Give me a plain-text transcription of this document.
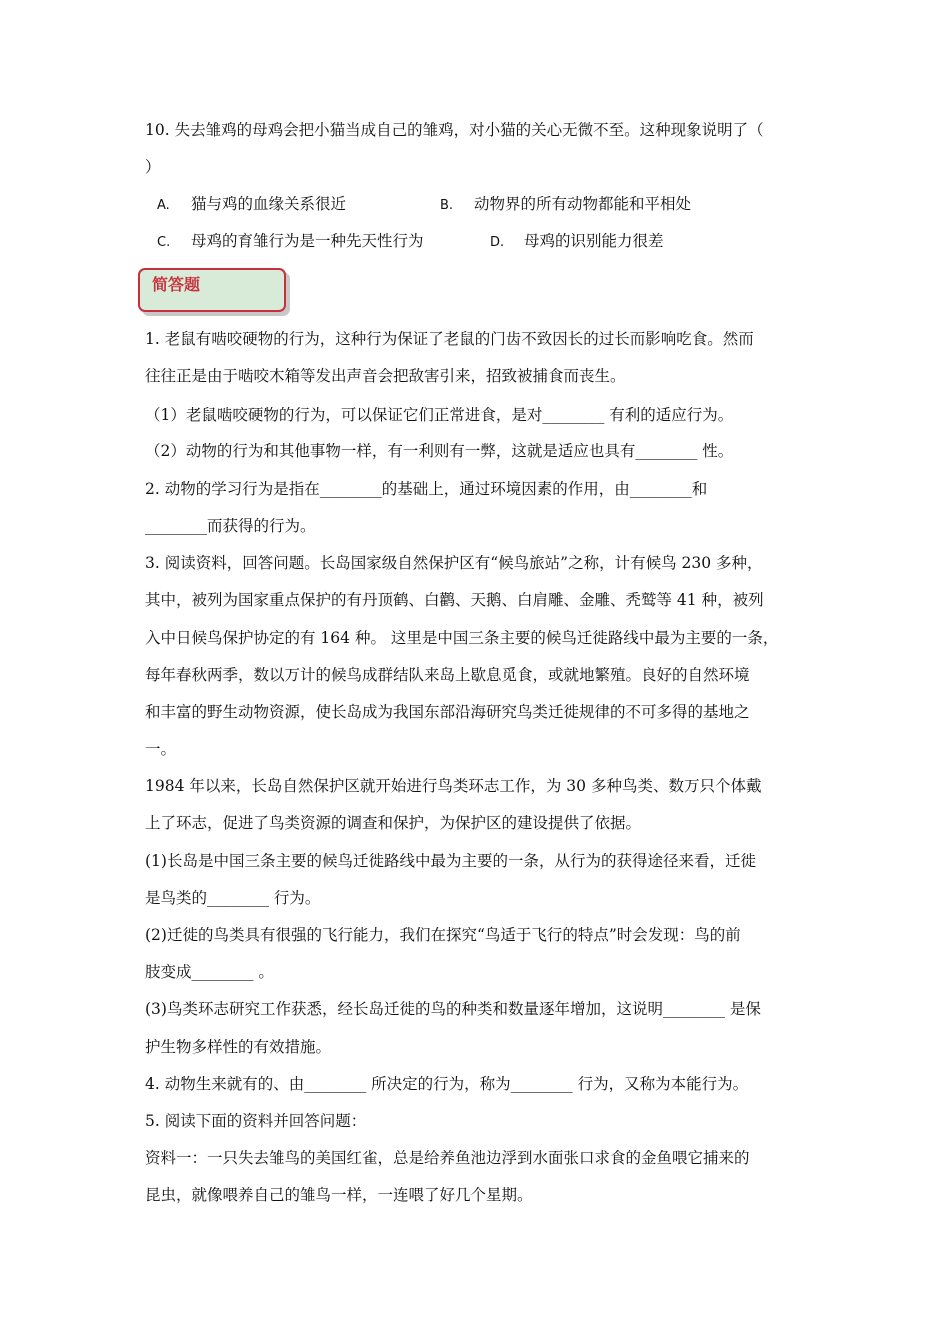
10. 失去雏鸡的母鸡会把小猫当成自己的雏鸡，对小猫的关心无微不至。这种现象说明了（
）
A. 猫与鸡的血缘关系很近	B. 动物界的所有动物都能和平相处
C. 母鸡的育雏行为是一种先天性行为	D. 母鸡的识别能力很差
简答题
1. 老鼠有啮咬硬物的行为，这种行为保证了老鼠的门齿不致因长的过长而影响吃食。然而
往往正是由于啮咬木箱等发出声音会把敌害引来，招致被捕食而丧生。
（1）老鼠啮咬硬物的行为，可以保证它们正常进食，是对________ 有利的适应行为。
（2）动物的行为和其他事物一样，有一利则有一弊，这就是适应也具有________ 性。
2. 动物的学习行为是指在________的基础上，通过环境因素的作用，由________和
________而获得的行为。
3. 阅读资料，回答问题。长岛国家级自然保护区有“候鸟旅站”之称，计有候鸟 230 多种，
其中，被列为国家重点保护的有丹顶鹤、白鹳、天鹅、白肩雕、金雕、秃鹫等 41 种，被列
入中日候鸟保护协定的有 164 种。 这里是中国三条主要的候鸟迁徙路线中最为主要的一条，
每年春秋两季，数以万计的候鸟成群结队来岛上歇息觅食，或就地繁殖。良好的自然环境
和丰富的野生动物资源，使长岛成为我国东部沿海研究鸟类迁徙规律的不可多得的基地之
一。
1984 年以来，长岛自然保护区就开始进行鸟类环志工作，为 30 多种鸟类、数万只个体戴
上了环志，促进了鸟类资源的调查和保护，为保护区的建设提供了依据。
(1)长岛是中国三条主要的候鸟迁徙路线中最为主要的一条，从行为的获得途径来看，迁徙
是鸟类的________ 行为。
(2)迁徙的鸟类具有很强的飞行能力，我们在探究“鸟适于飞行的特点”时会发现：鸟的前
肢变成________ 。
(3)鸟类环志研究工作获悉，经长岛迁徙的鸟的种类和数量逐年增加，这说明________ 是保
护生物多样性的有效措施。
4. 动物生来就有的、由________ 所决定的行为，称为________ 行为，又称为本能行为。
5. 阅读下面的资料并回答问题：
资料一：一只失去雏鸟的美国红雀，总是给养鱼池边浮到水面张口求食的金鱼喂它捕来的
昆虫，就像喂养自己的雏鸟一样，一连喂了好几个星期。
